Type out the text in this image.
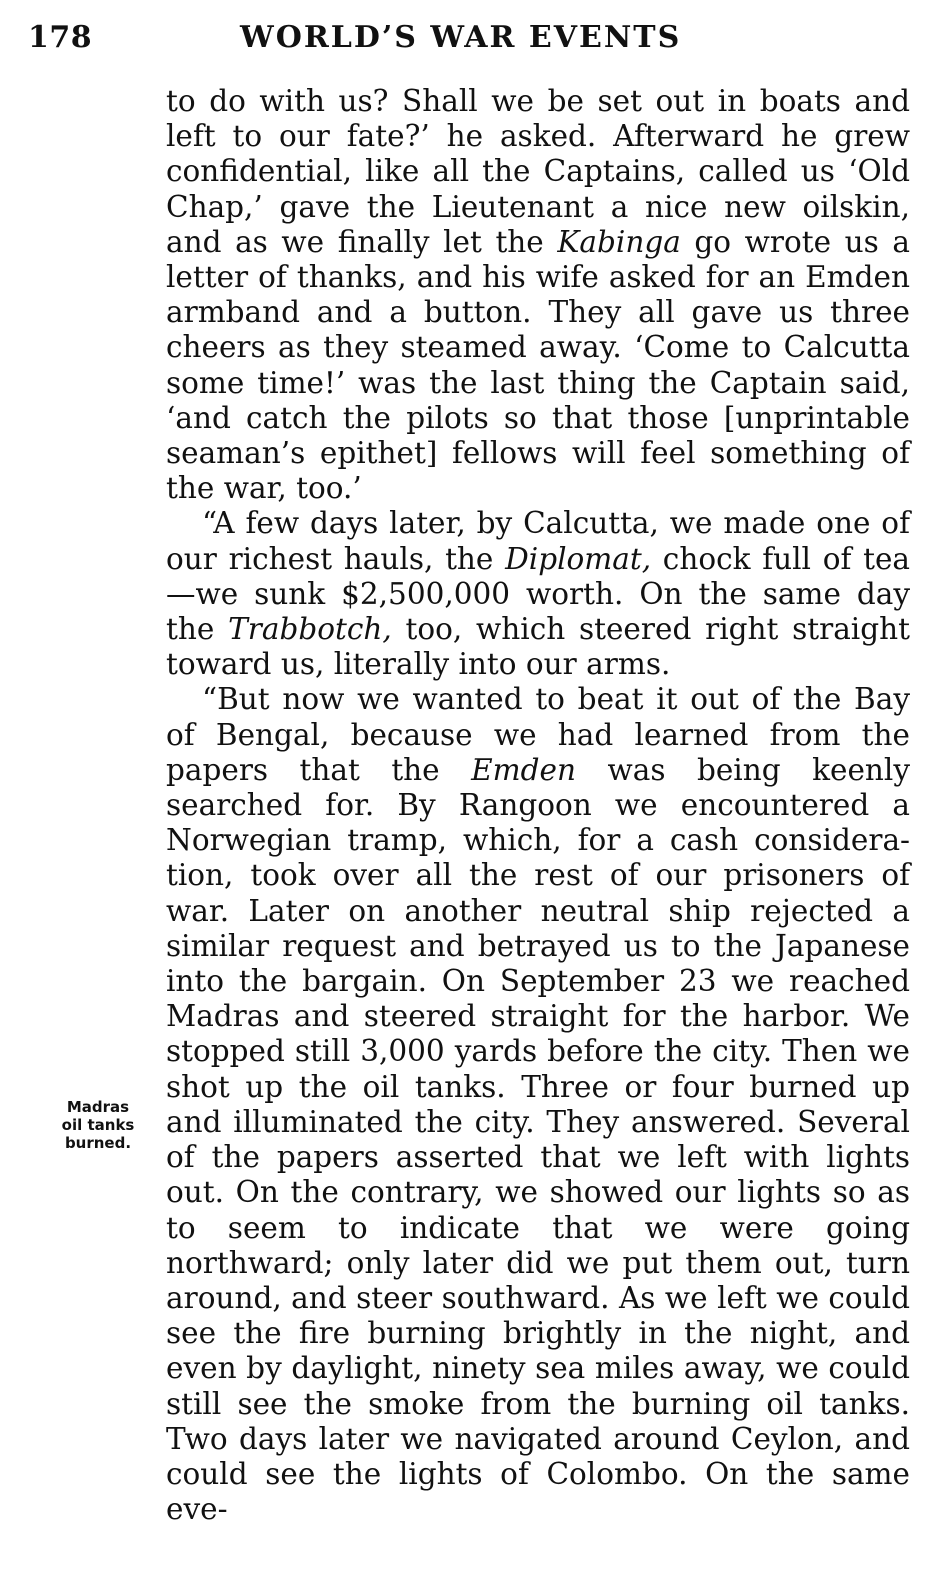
178	WORLD’S WAR EVENTS

to do with us? Shall we be set out in boats and left to our fate?’ he asked. Afterward he grew confidential, like all the Captains, called us ‘Old Chap,’ gave the Lieutenant a nice new oilskin, and as we finally let the Kabinga go wrote us a letter of thanks, and his wife asked for an Emden armband and a button. They all gave us three cheers as they steamed away. ‘Come to Calcutta some time!’ was the last thing the Captain said, ‘and catch the pilots so that those [unprintable seaman’s epithet] fellows will feel something of the war, too.’

“A few days later, by Calcutta, we made one of our richest hauls, the Diplomat, chock full of tea—we sunk $2,500,000 worth. On the same day the Trabbotch, too, which steered right straight toward us, literally into our arms.

“But now we wanted to beat it out of the Bay of Bengal, because we had learned from the papers that the Emden was being keenly searched for. By Rangoon we encountered a Norwegian tramp, which, for a cash consideration, took over all the rest of our prisoners of war. Later on another neutral ship rejected a similar request and betrayed us to the Japanese into the bargain. On September 23 we reached Madras and steered straight for the harbor. We stopped still 3,000 yards before the city. Then we shot up the oil tanks. Three or four burned up and illuminated the city. They answered. Several of the papers asserted that we left with lights out. On the contrary, we showed our lights so as to seem to indicate that we were going northward; only later did we put them out, turn around, and steer southward. As we left we could see the fire burning brightly in the night, and even by daylight, ninety sea miles away, we could still see the smoke from the burning oil tanks. Two days later we navigated around Ceylon, and could see the lights of Colombo. On the same eve-

Madras
oil tanks
burned.
